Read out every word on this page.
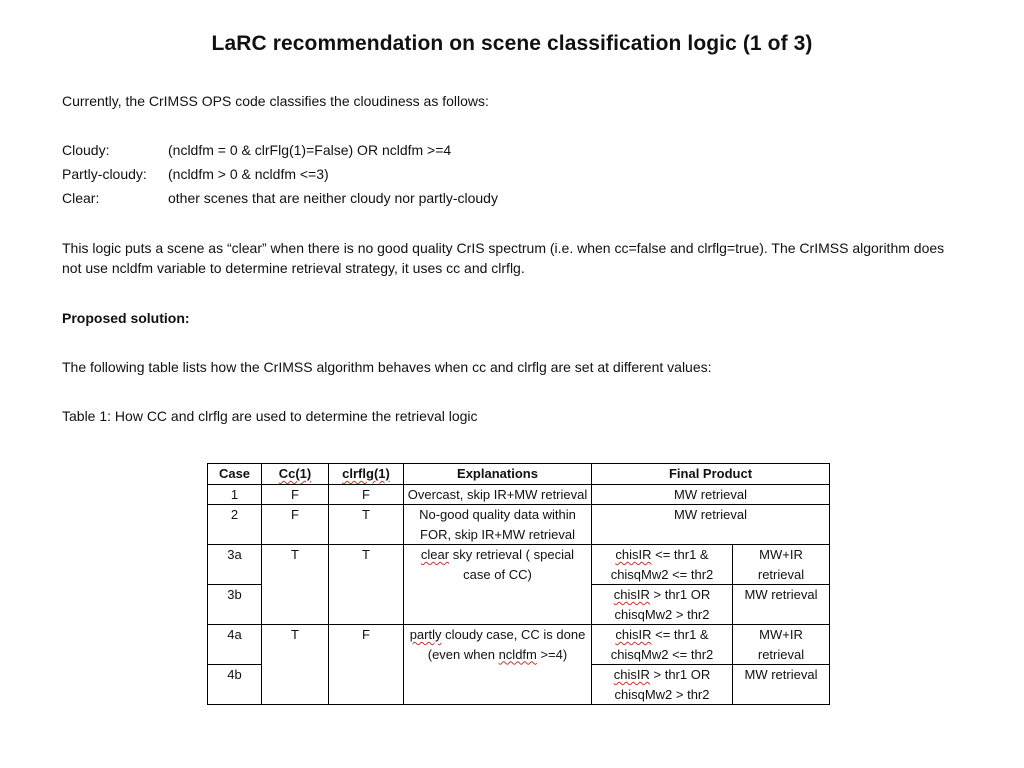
LaRC recommendation on scene classification logic (1 of 3)
Currently, the CrIMSS OPS code classifies the cloudiness as follows:
Cloudy:	(ncldfm = 0 & clrFlg(1)=False) OR ncldfm >=4
Partly-cloudy:	(ncldfm > 0 & ncldfm <=3)
Clear:	other scenes that are neither cloudy nor partly-cloudy
This logic puts a scene as “clear” when there is no good quality CrIS spectrum (i.e. when cc=false and clrflg=true). The CrIMSS algorithm does not use ncldfm variable to determine retrieval strategy, it uses cc and clrflg.
Proposed solution:
The following table lists how the CrIMSS algorithm behaves when cc and clrflg are set at different values:
Table 1: How CC and clrflg are used to determine the retrieval logic
Case	Cc(1)	clrflg(1)	Explanations	Final Product	
1	F	F	Overcast, skip IR+MW retrieval	MW retrieval	
2	F	T	No-good quality data within FOR, skip IR+MW retrieval	MW retrieval	
3a	T	T	clear sky retrieval ( special case of CC)	chisIR <= thr1 & chisqMw2 <= thr2	MW+IR retrieval
3b				chisIR > thr1 OR chisqMw2 > thr2	MW retrieval
4a	T	F	partly cloudy case, CC is done (even when ncldfm >=4)	chisIR <= thr1 & chisqMw2 <= thr2	MW+IR retrieval
4b				chisIR > thr1 OR chisqMw2 > thr2	MW retrieval
